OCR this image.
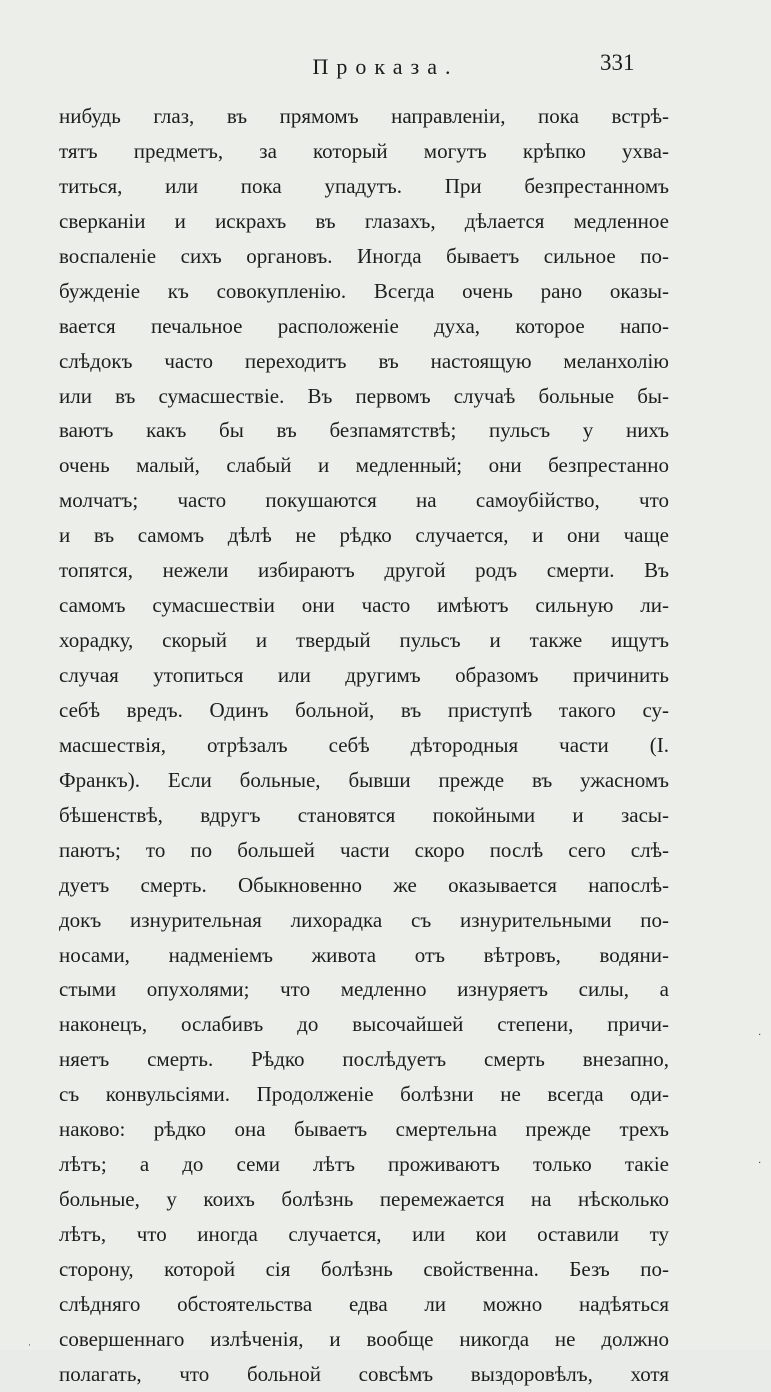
Проказа.	331
нибудь глаз, въ прямомъ направленіи, пока встрѣ-
тятъ предметъ, за который могутъ крѣпко ухва-
титься, или пока упадутъ. При безпрестанномъ
сверканіи и искрахъ въ глазахъ, дѣлается медленное
воспаленіе сихъ органовъ. Иногда бываетъ сильное по-
бужденіе къ совокупленію. Всегда очень рано оказы-
вается печальное расположеніе духа, которое напо-
слѣдокъ часто переходитъ въ настоящую меланхолію
или въ сумасшествіе. Въ первомъ случаѣ больные бы-
ваютъ какъ бы въ безпамятствѣ; пульсъ у нихъ
очень малый, слабый и медленный; они безпрестанно
молчатъ; часто покушаются на самоубійство, что
и въ самомъ дѣлѣ не рѣдко случается, и они чаще
топятся, нежели избираютъ другой родъ смерти. Въ
самомъ сумасшествіи они часто имѣютъ сильную ли-
хорадку, скорый и твердый пульсъ и также ищутъ
случая утопиться или другимъ образомъ причинить
себѣ вредъ. Одинъ больной, въ приступѣ такого су-
масшествія, отрѣзалъ себѣ дѣтородныя части (I.
Франкъ). Если больные, бывши прежде въ ужасномъ
бѣшенствѣ, вдругъ становятся покойными и засы-
паютъ; то по большей части скоро послѣ сего слѣ-
дуетъ смерть. Обыкновенно же оказывается напослѣ-
докъ изнурительная лихорадка съ изнурительными по-
носами, надменіемъ живота отъ вѣтровъ, водяни-
стыми опухолями; что медленно изнуряетъ силы, а
наконецъ, ослабивъ до высочайшей степени, причи-
няетъ смерть. Рѣдко послѣдуетъ смерть внезапно,
съ конвульсіями. Продолженіе болѣзни не всегда оди-
наково: рѣдко она бываетъ смертельна прежде трехъ
лѣтъ; а до семи лѣтъ проживаютъ только такіе
больные, у коихъ болѣзнь перемежается на нѣсколько
лѣтъ, что иногда случается, или кои оставили ту
сторону, которой сія болѣзнь свойственна. Безъ по-
слѣдняго обстоятельства едва ли можно надѣяться
совершеннаго излѣченія, и вообще никогда не должно
полагать, что больной совсѣмъ выздоровѣлъ, хотя
·
·
·
